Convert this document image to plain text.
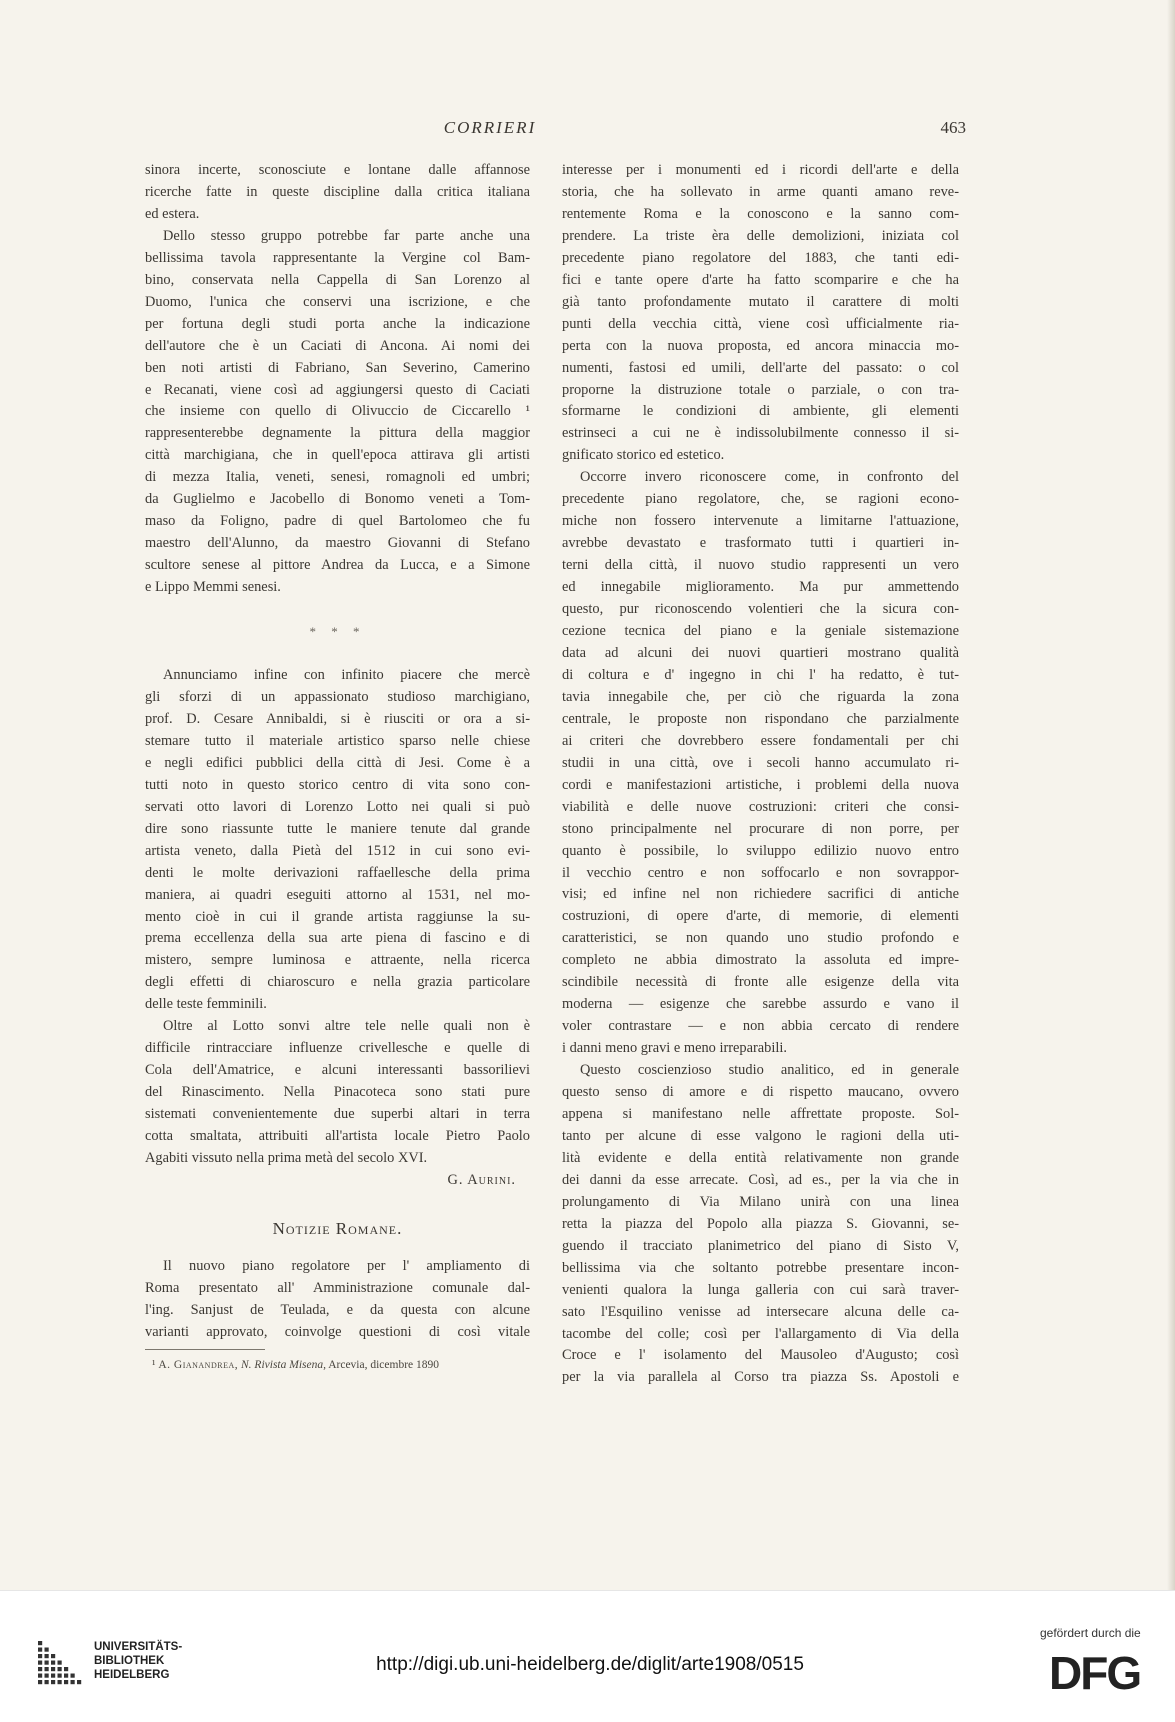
CORRIERI	463
sinora incerte, sconosciute e lontane dalle affannose
ricerche fatte in queste discipline dalla critica italiana
ed estera.
Dello stesso gruppo potrebbe far parte anche una
bellissima tavola rappresentante la Vergine col Bam-
bino, conservata nella Cappella di San Lorenzo al
Duomo, l'unica che conservi una iscrizione, e che
per fortuna degli studi porta anche la indicazione
dell'autore che è un Caciati di Ancona. Ai nomi dei
ben noti artisti di Fabriano, San Severino, Camerino
e Recanati, viene così ad aggiungersi questo di Caciati
che insieme con quello di Olivuccio de Ciccarello ¹
rappresenterebbe degnamente la pittura della maggior
città marchigiana, che in quell'epoca attirava gli artisti
di mezza Italia, veneti, senesi, romagnoli ed umbri;
da Guglielmo e Jacobello di Bonomo veneti a Tom-
maso da Foligno, padre di quel Bartolomeo che fu
maestro dell'Alunno, da maestro Giovanni di Stefano
scultore senese al pittore Andrea da Lucca, e a Simone
e Lippo Memmi senesi.
* * *
Annunciamo infine con infinito piacere che mercè
gli sforzi di un appassionato studioso marchigiano,
prof. D. Cesare Annibaldi, si è riusciti or ora a si-
stemare tutto il materiale artistico sparso nelle chiese
e negli edifici pubblici della città di Jesi. Come è a
tutti noto in questo storico centro di vita sono con-
servati otto lavori di Lorenzo Lotto nei quali si può
dire sono riassunte tutte le maniere tenute dal grande
artista veneto, dalla Pietà del 1512 in cui sono evi-
denti le molte derivazioni raffaellesche della prima
maniera, ai quadri eseguiti attorno al 1531, nel mo-
mento cioè in cui il grande artista raggiunse la su-
prema eccellenza della sua arte piena di fascino e di
mistero, sempre luminosa e attraente, nella ricerca
degli effetti di chiaroscuro e nella grazia particolare
delle teste femminili.
Oltre al Lotto sonvi altre tele nelle quali non è
difficile rintracciare influenze crivellesche e quelle di
Cola dell'Amatrice, e alcuni interessanti bassorilievi
del Rinascimento. Nella Pinacoteca sono stati pure
sistemati convenientemente due superbi altari in terra
cotta smaltata, attribuiti all'artista locale Pietro Paolo
Agabiti vissuto nella prima metà del secolo XVI.
G. Aurini.
Notizie Romane.
Il nuovo piano regolatore per l' ampliamento di
Roma presentato all' Amministrazione comunale dal-
l'ing. Sanjust de Teulada, e da questa con alcune
varianti approvato, coinvolge questioni di così vitale
interesse per i monumenti ed i ricordi dell'arte e della
storia, che ha sollevato in arme quanti amano reve-
rentemente Roma e la conoscono e la sanno com-
prendere. La triste èra delle demolizioni, iniziata col
precedente piano regolatore del 1883, che tanti edi-
fici e tante opere d'arte ha fatto scomparire e che ha
già tanto profondamente mutato il carattere di molti
punti della vecchia città, viene così ufficialmente ria-
perta con la nuova proposta, ed ancora minaccia mo-
numenti, fastosi ed umili, dell'arte del passato: o col
proporne la distruzione totale o parziale, o con tra-
sformarne le condizioni di ambiente, gli elementi
estrinseci a cui ne è indissolubilmente connesso il si-
gnificato storico ed estetico.
Occorre invero riconoscere come, in confronto del
precedente piano regolatore, che, se ragioni econo-
miche non fossero intervenute a limitarne l'attuazione,
avrebbe devastato e trasformato tutti i quartieri in-
terni della città, il nuovo studio rappresenti un vero
ed innegabile miglioramento. Ma pur ammettendo
questo, pur riconoscendo volentieri che la sicura con-
cezione tecnica del piano e la geniale sistemazione
data ad alcuni dei nuovi quartieri mostrano qualità
di coltura e d' ingegno in chi l' ha redatto, è tut-
tavia innegabile che, per ciò che riguarda la zona
centrale, le proposte non rispondano che parzialmente
ai criteri che dovrebbero essere fondamentali per chi
studii in una città, ove i secoli hanno accumulato ri-
cordi e manifestazioni artistiche, i problemi della nuova
viabilità e delle nuove costruzioni: criteri che consi-
stono principalmente nel procurare di non porre, per
quanto è possibile, lo sviluppo edilizio nuovo entro
il vecchio centro e non soffocarlo e non sovrappor-
visi; ed infine nel non richiedere sacrifici di antiche
costruzioni, di opere d'arte, di memorie, di elementi
caratteristici, se non quando uno studio profondo e
completo ne abbia dimostrato la assoluta ed impre-
scindibile necessità di fronte alle esigenze della vita
moderna — esigenze che sarebbe assurdo e vano il
voler contrastare — e non abbia cercato di rendere
i danni meno gravi e meno irreparabili.
Questo coscienzioso studio analitico, ed in generale
questo senso di amore e di rispetto maucano, ovvero
appena si manifestano nelle affrettate proposte. Sol-
tanto per alcune di esse valgono le ragioni della uti-
lità evidente e della entità relativamente non grande
dei danni da esse arrecate. Così, ad es., per la via che in
prolungamento di Via Milano unirà con una linea
retta la piazza del Popolo alla piazza S. Giovanni, se-
guendo il tracciato planimetrico del piano di Sisto V,
bellissima via che soltanto potrebbe presentare incon-
venienti qualora la lunga galleria con cui sarà traver-
sato l'Esquilino venisse ad intersecare alcuna delle ca-
tacombe del colle; così per l'allargamento di Via della
Croce e l' isolamento del Mausoleo d'Augusto; così
per la via parallela al Corso tra piazza Ss. Apostoli e
¹ A. Gianandrea, N. Rivista Misena, Arcevia, dicembre 1890
UNIVERSITÄTS-
BIBLIOTHEK
HEIDELBERG	http://digi.ub.uni-heidelberg.de/diglit/arte1908/0515
gefördert durch die
DFG
